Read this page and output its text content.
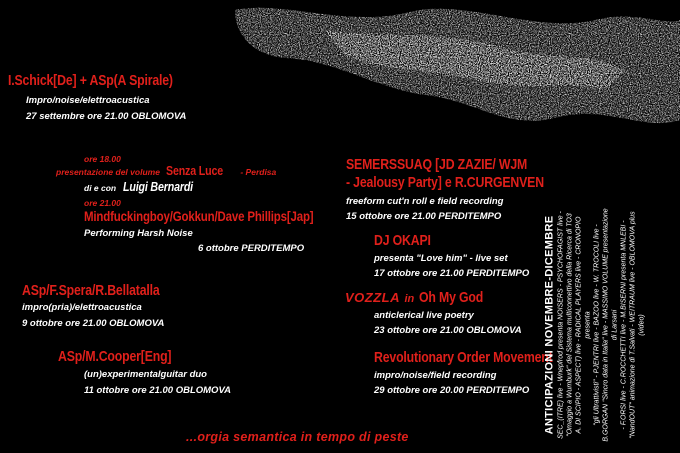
I.Schick[De] + ASp(A Spirale)
Impro/noise/elettroacustica
27 settembre ore 21.00 OBLOMOVA
ore 18.00
presentazione del volume Senza Luce - Perdisa
di e con Luigi Bernardi
ore 21.00
Mindfuckingboy/Gokkun/Dave Phillips[Jap]
Performing Harsh Noise
6 ottobre PERDITEMPO
ASp/F.Spera/R.Bellatalla
impro(pria)/elettroacustica
9 ottobre ore 21.00 OBLOMOVA
ASp/M.Cooper[Eng]
(un)experimentalguitar duo
11 ottobre ore 21.00 OBLOMOVA
SEMERSSUAQ [JD ZAZIE/ WJM
- Jealousy Party] e R.CURGENVEN
freeform cut'n roll e field recording
15 ottobre ore 21.00 PERDITEMPO
DJ OKAPI
presenta "Love him" - live set
17 ottobre ore 21.00 PERDITEMPO
VOZZLA in Oh My God
anticlerical live poetry
23 ottobre ore 21.00 OBLOMOVA
Revolutionary Order Movement
impro/noise/field recording
29 ottobre ore 20.00 PERDITEMPO ANTICIPAZIONI NOVEMBRE-DICEMBRE SEC_(ITRE) live - Wnepfrod presenta NOISERS - PSYCHOFAGIST live - "Omaggio a Wumburk" del Sistema multiconnettivo della Ricerca di TO3 A. DI SCIPIO - ASPECT) live - RADICAL PLAYERS live - CRONOPIO presenta "gli Ultrattivisti" - PJENTRI live - BAZOO live - W. TROCOLI live - B.GORGAN "Sincro data in Italia" live - MASSIMO VOLUME presentazione di Larsani - F.ORSI live - C.ROCCHETTI live - M.BISERNI presenta MNLEBI - "NandOUT" animazione di T.Salvati - WEITRAUM live - OBLOMOVA plus (video)
...orgia semantica in tempo di peste
